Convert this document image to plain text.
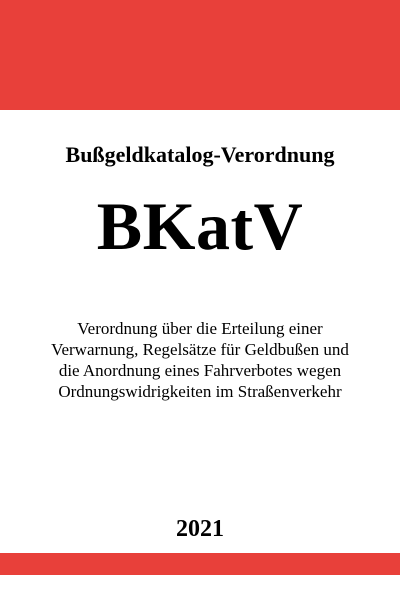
Bußgeldkatalog-Verordnung
BKatV
Verordnung über die Erteilung einer
Verwarnung, Regelsätze für Geldbußen und
die Anordnung eines Fahrverbotes wegen
Ordnungswidrigkeiten im Straßenverkehr
2021
